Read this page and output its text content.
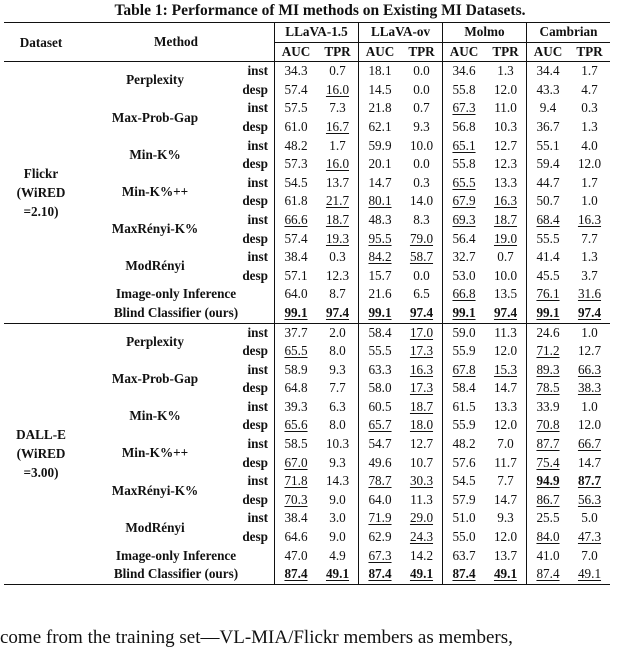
Table 1: Performance of MI methods on Existing MI Datasets.
Dataset	Method		LLaVA-1.5		LLaVA-ov		Molmo		Cambrian	
			AUC	TPR	AUC	TPR	AUC	TPR	AUC	TPR

Flickr
(WiRED
=2.10)	Perplexity	inst	34.3	0.7	18.1	0.0	34.6	1.3	34.4	1.7
		desp	57.4	16.0	14.5	0.0	55.8	12.0	43.3	4.7
	Max-Prob-Gap	inst	57.5	7.3	21.8	0.7	67.3	11.0	9.4	0.3
		desp	61.0	16.7	62.1	9.3	56.8	10.3	36.7	1.3
	Min-K%	inst	48.2	1.7	59.9	10.0	65.1	12.7	55.1	4.0
		desp	57.3	16.0	20.1	0.0	55.8	12.3	59.4	12.0
	Min-K%++	inst	54.5	13.7	14.7	0.3	65.5	13.3	44.7	1.7
		desp	61.8	21.7	80.1	14.0	67.9	16.3	50.7	1.0
	MaxRényi-K%	inst	66.6	18.7	48.3	8.3	69.3	18.7	68.4	16.3
		desp	57.4	19.3	95.5	79.0	56.4	19.0	55.5	7.7
	ModRényi	inst	38.4	0.3	84.2	58.7	32.7	0.7	41.4	1.3
		desp	57.1	12.3	15.7	0.0	53.0	10.0	45.5	3.7
	Image-only Inference		64.0	8.7	21.6	6.5	66.8	13.5	76.1	31.6
	Blind Classifier (ours)		99.1	97.4	99.1	97.4	99.1	97.4	99.1	97.4

DALL-E
(WiRED
=3.00)	Perplexity	inst	37.7	2.0	58.4	17.0	59.0	11.3	24.6	1.0
		desp	65.5	8.0	55.5	17.3	55.9	12.0	71.2	12.7
	Max-Prob-Gap	inst	58.9	9.3	63.3	16.3	67.8	15.3	89.3	66.3
		desp	64.8	7.7	58.0	17.3	58.4	14.7	78.5	38.3
	Min-K%	inst	39.3	6.3	60.5	18.7	61.5	13.3	33.9	1.0
		desp	65.6	8.0	65.7	18.0	55.9	12.0	70.8	12.0
	Min-K%++	inst	58.5	10.3	54.7	12.7	48.2	7.0	87.7	66.7
		desp	67.0	9.3	49.6	10.7	57.6	11.7	75.4	14.7
	MaxRényi-K%	inst	71.8	14.3	78.7	30.3	54.5	7.7	94.9	87.7
		desp	70.3	9.0	64.0	11.3	57.9	14.7	86.7	56.3
	ModRényi	inst	38.4	3.0	71.9	29.0	51.0	9.3	25.5	5.0
		desp	64.6	9.0	62.9	24.3	55.0	12.0	84.0	47.3
	Image-only Inference		47.0	4.9	67.3	14.2	63.7	13.7	41.0	7.0
	Blind Classifier (ours)		87.4	49.1	87.4	49.1	87.4	49.1	87.4	49.1
come from the training set—VL-MIA/Flickr members as members,
